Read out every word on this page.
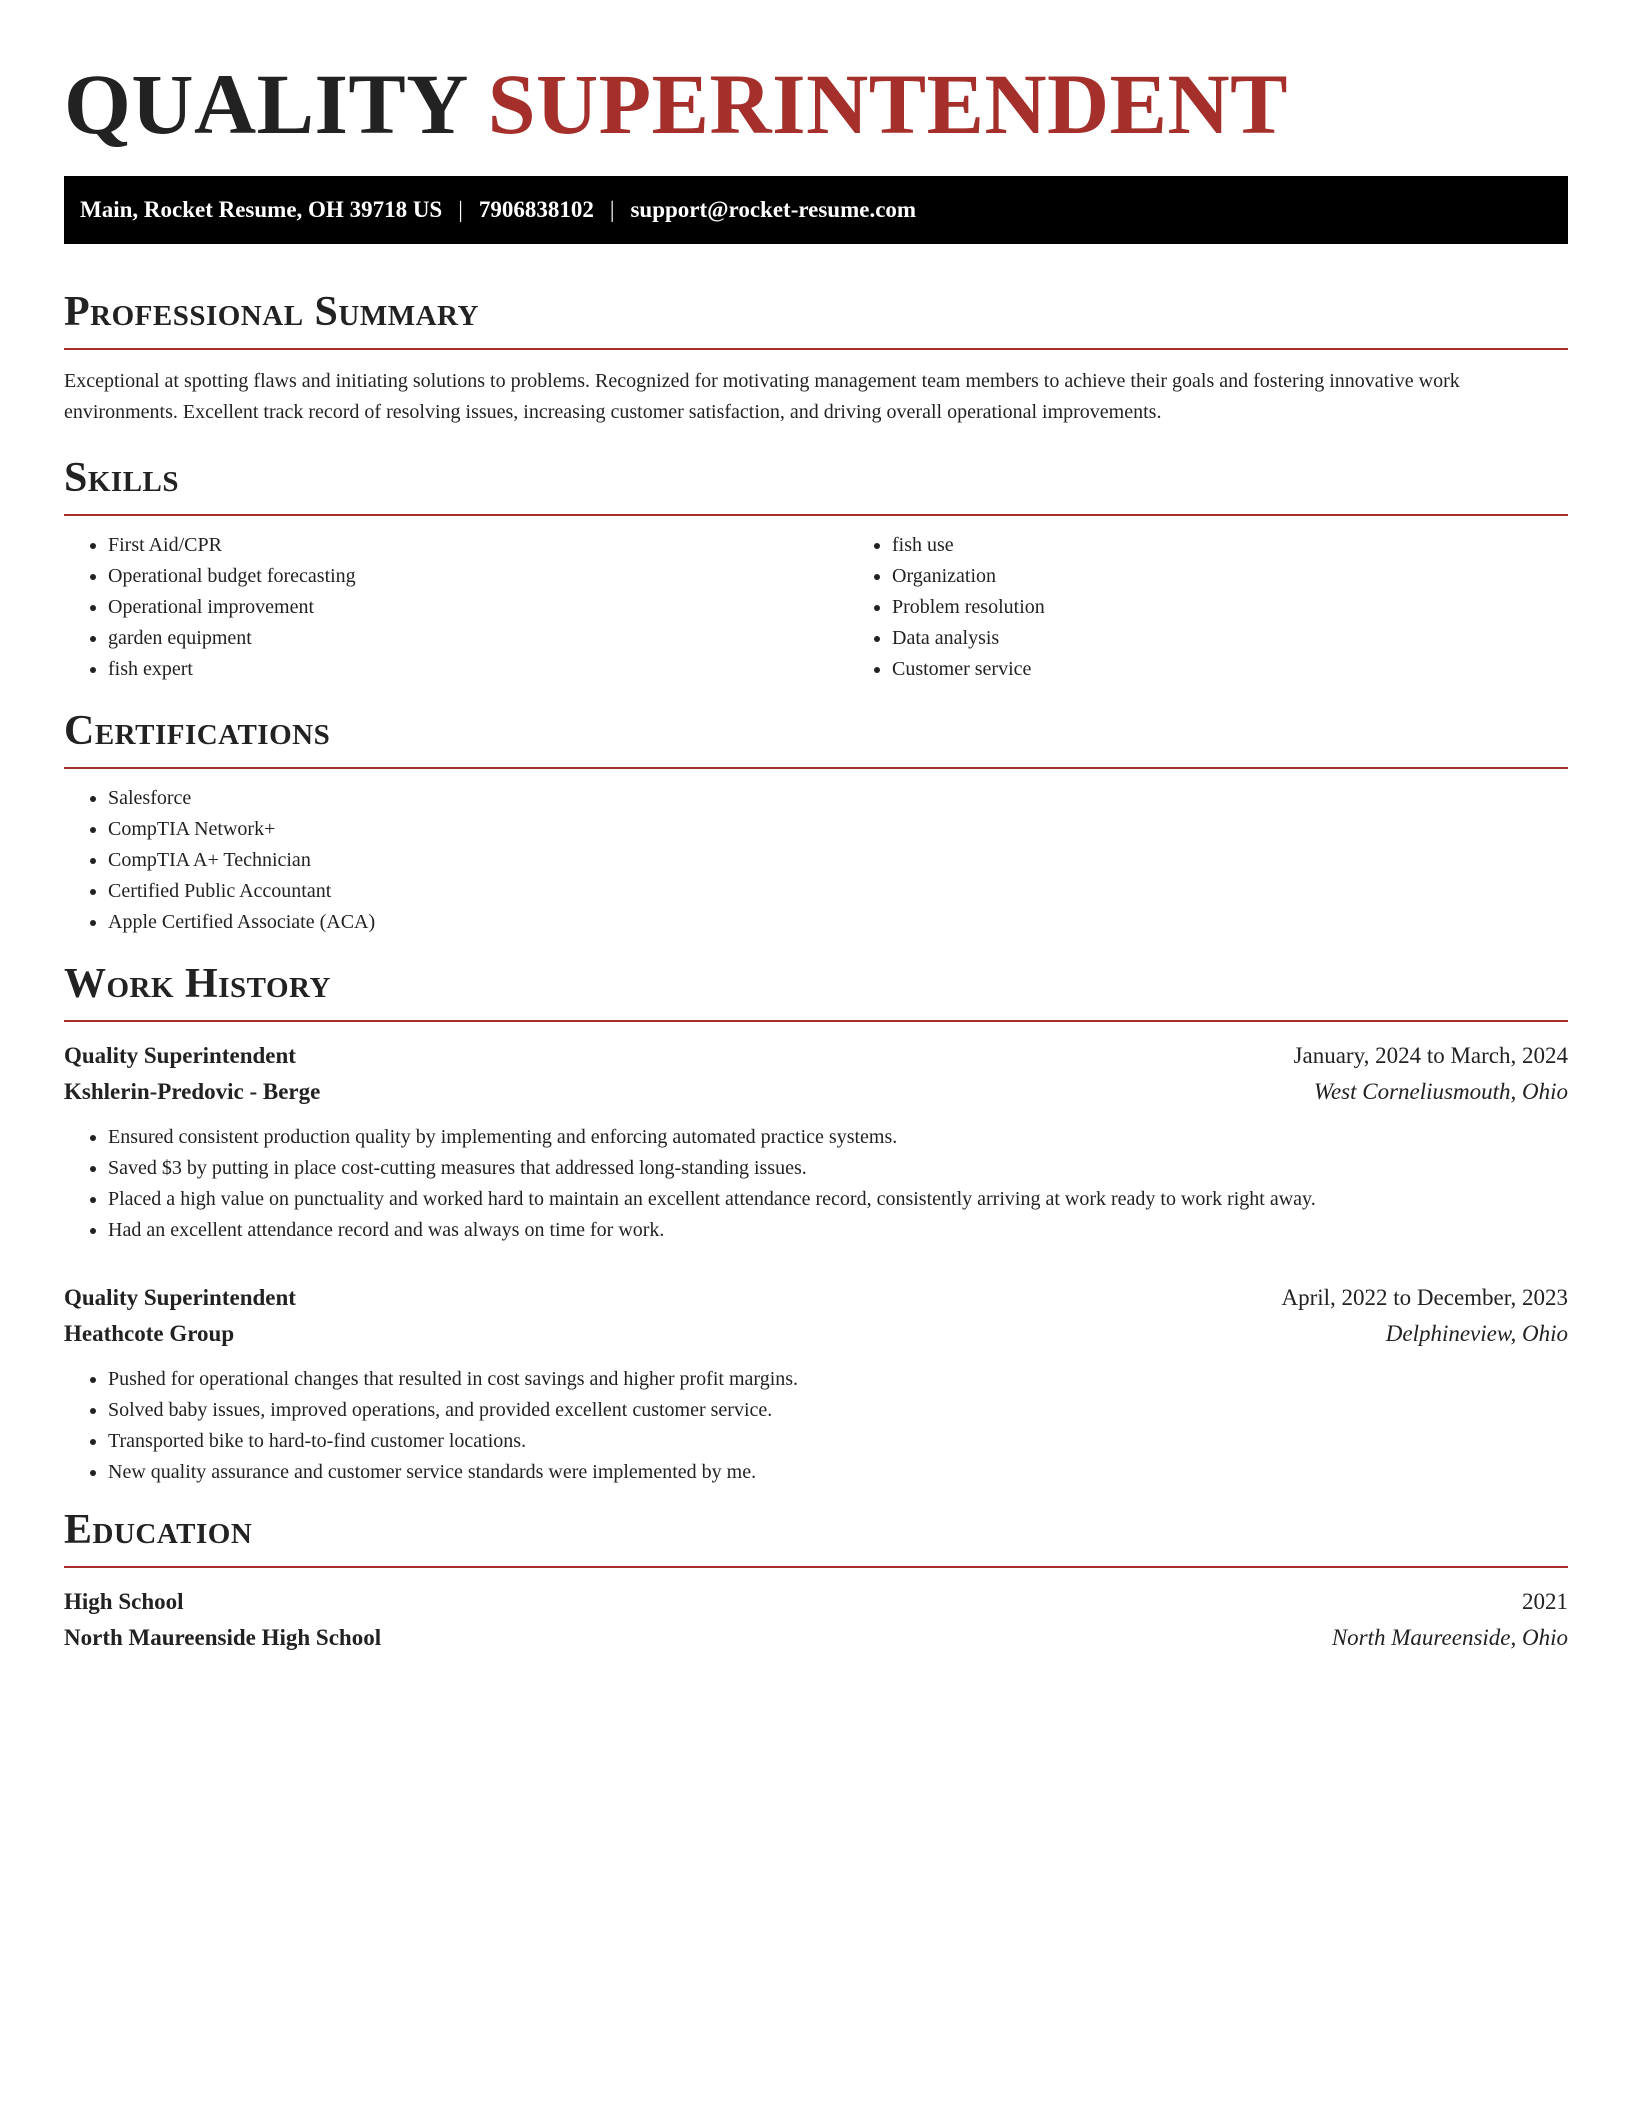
QUALITY SUPERINTENDENT
Main, Rocket Resume, OH 39718 US | 7906838102 | support@rocket-resume.com
Professional Summary

Exceptional at spotting flaws and initiating solutions to problems. Recognized for motivating management team members to achieve their goals and fostering innovative work environments. Excellent track record of resolving issues, increasing customer satisfaction, and driving overall operational improvements.

Skills
• First Aid/CPR
• Operational budget forecasting
• Operational improvement
• garden equipment
• fish expert
• fish use
• Organization
• Problem resolution
• Data analysis
• Customer service
Certifications
• Salesforce
• CompTIA Network+
• CompTIA A+ Technician
• Certified Public Accountant
• Apple Certified Associate (ACA)
Work History
Quality Superintendent	January, 2024 to March, 2024
Kshlerin-Predovic - Berge	West Corneliusmouth, Ohio
• Ensured consistent production quality by implementing and enforcing automated practice systems.
• Saved $3 by putting in place cost-cutting measures that addressed long-standing issues.
• Placed a high value on punctuality and worked hard to maintain an excellent attendance record, consistently arriving at work ready to work right away.
• Had an excellent attendance record and was always on time for work.
Quality Superintendent	April, 2022 to December, 2023
Heathcote Group	Delphineview, Ohio
• Pushed for operational changes that resulted in cost savings and higher profit margins.
• Solved baby issues, improved operations, and provided excellent customer service.
• Transported bike to hard-to-find customer locations.
• New quality assurance and customer service standards were implemented by me.
Education
High School	2021
North Maureenside High School	North Maureenside, Ohio
